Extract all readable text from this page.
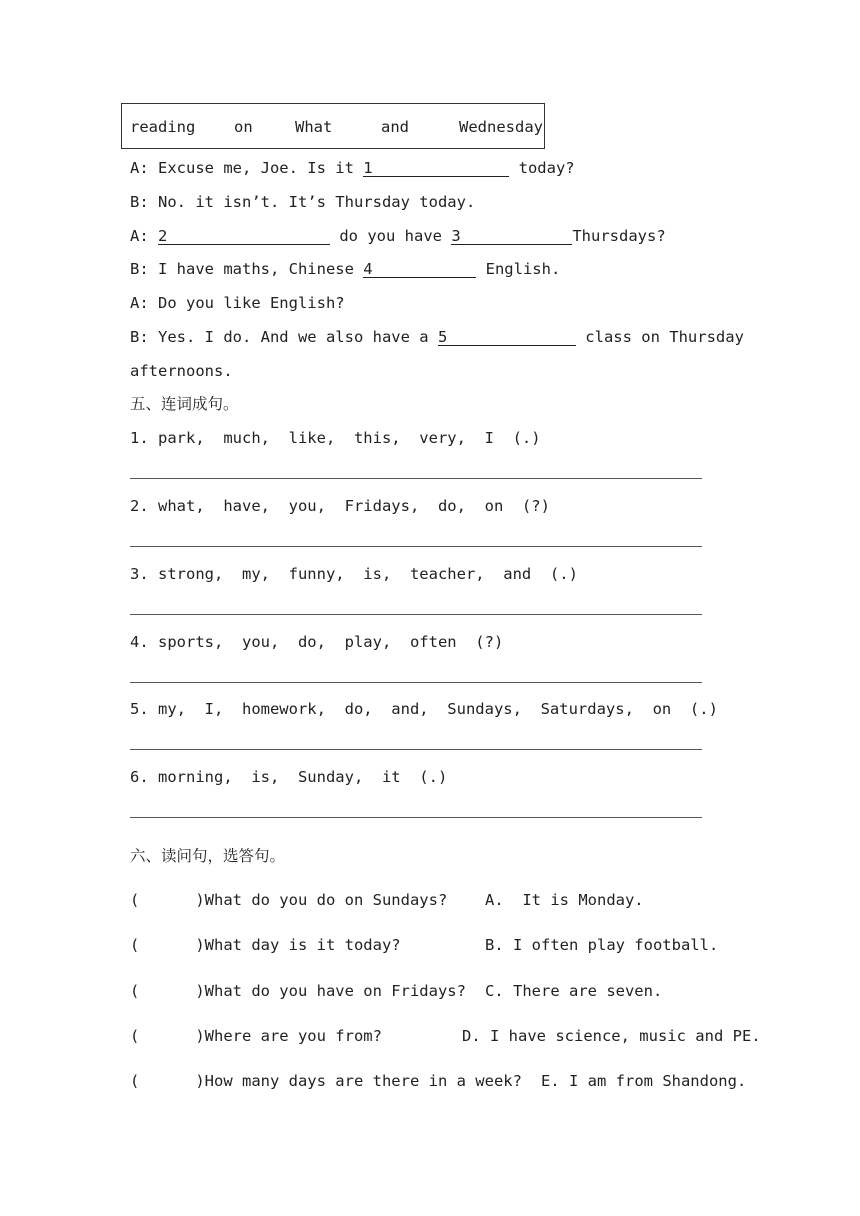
reading on	What	and	Wednesday
A: Excuse me, Joe. Is it 1	today?
B: No. it isn’t. It’s Thursday today.
A: 2	do you have 3	Thursdays?
B: I have maths, Chinese 4	English.
A: Do you like English?
B: Yes. I do. And we also have a 5	class on Thursday
afternoons.
五、连词成句。
1. park,  much,  like,  this,  very,  I  (.)
2. what,  have,  you,  Fridays,  do,  on  (?)
3. strong,  my,  funny,  is,  teacher,  and  (.)
4. sports,  you,  do,  play,  often  (?)
5. my,  I,  homework,  do,  and,  Sundays,  Saturdays,  on  (.)
6. morning,  is,  Sunday,  it  (.)
六、读问句，选答句。
(      )What do you do on Sundays? A.  It is Monday.
(      )What day is it today?	B. I often play football.
(      )What do you have on Fridays? C. There are seven.
(      )Where are you from?	D. I have science, music and PE.
(      )How many days are there in a week? E. I am from Shandong.
